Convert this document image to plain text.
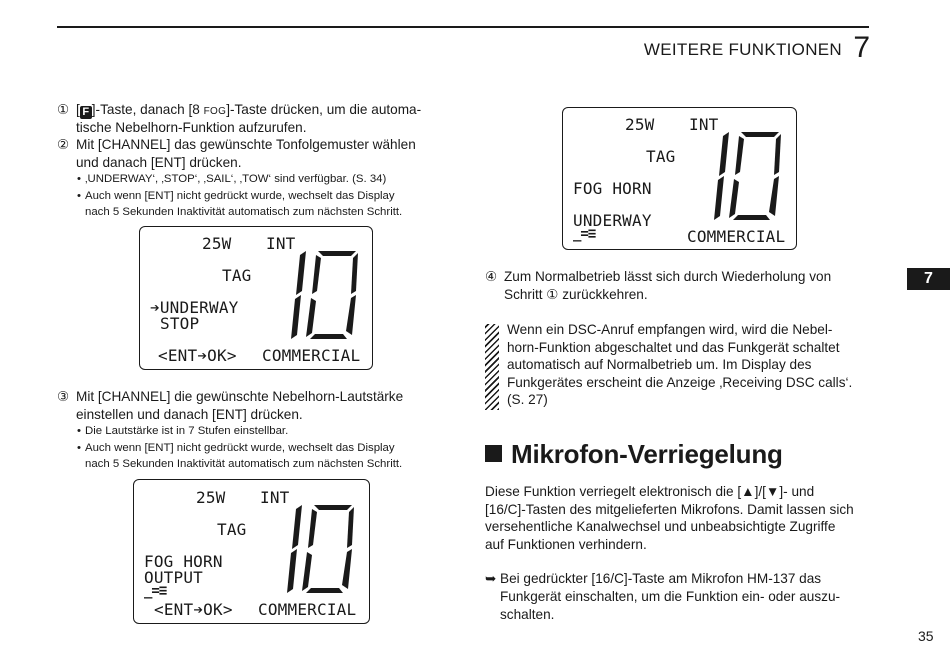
WEITERE FUNKTIONEN 7
7
① [ F ]-Taste, danach [8 FOG]-Taste drücken, um die automa-
tische Nebelhorn-Funktion aufzurufen.
② Mit [CHANNEL] das gewünschte Tonfolgemuster wählen
und danach [ENT] drücken.
• ‚UNDERWAY‘, ‚STOP‘, ‚SAIL‘, ‚TOW‘ sind verfügbar. (S. 34)
• Auch wenn [ENT] nicht gedrückt wurde, wechselt das Display
nach 5 Sekunden Inaktivität automatisch zum nächsten Schritt.
25W INT
TAG
➔UNDERWAY
STOP
<ENT➔OK> COMMERCIAL
③ Mit [CHANNEL] die gewünschte Nebelhorn-Lautstärke
einstellen und danach [ENT] drücken.
• Die Lautstärke ist in 7 Stufen einstellbar.
• Auch wenn [ENT] nicht gedrückt wurde, wechselt das Display
nach 5 Sekunden Inaktivität automatisch zum nächsten Schritt.
25W INT
TAG
FOG HORN
OUTPUT
_=≡
<ENT➔OK> COMMERCIAL
25W INT
TAG
FOG HORN
UNDERWAY
_=≡	COMMERCIAL
④ Zum Normalbetrieb lässt sich durch Wiederholung von
Schritt ① zurückkehren.
Wenn ein DSC-Anruf empfangen wird, wird die Nebel-
horn-Funktion abgeschaltet und das Funkgerät schaltet
automatisch auf Normalbetrieb um. Im Display des
Funkgerätes erscheint die Anzeige ‚Receiving DSC calls‘.
(S. 27)
Mikrofon-Verriegelung
Diese Funktion verriegelt elektronisch die [▲]/[▼]- und
[16/C]-Tasten des mitgelieferten Mikrofons. Damit lassen sich
versehentliche Kanalwechsel und unbeabsichtigte Zugriffe
auf Funktionen verhindern.
➥ Bei gedrückter [16/C]-Taste am Mikrofon HM-137 das
Funkgerät einschalten, um die Funktion ein- oder auszu-
schalten.
35
